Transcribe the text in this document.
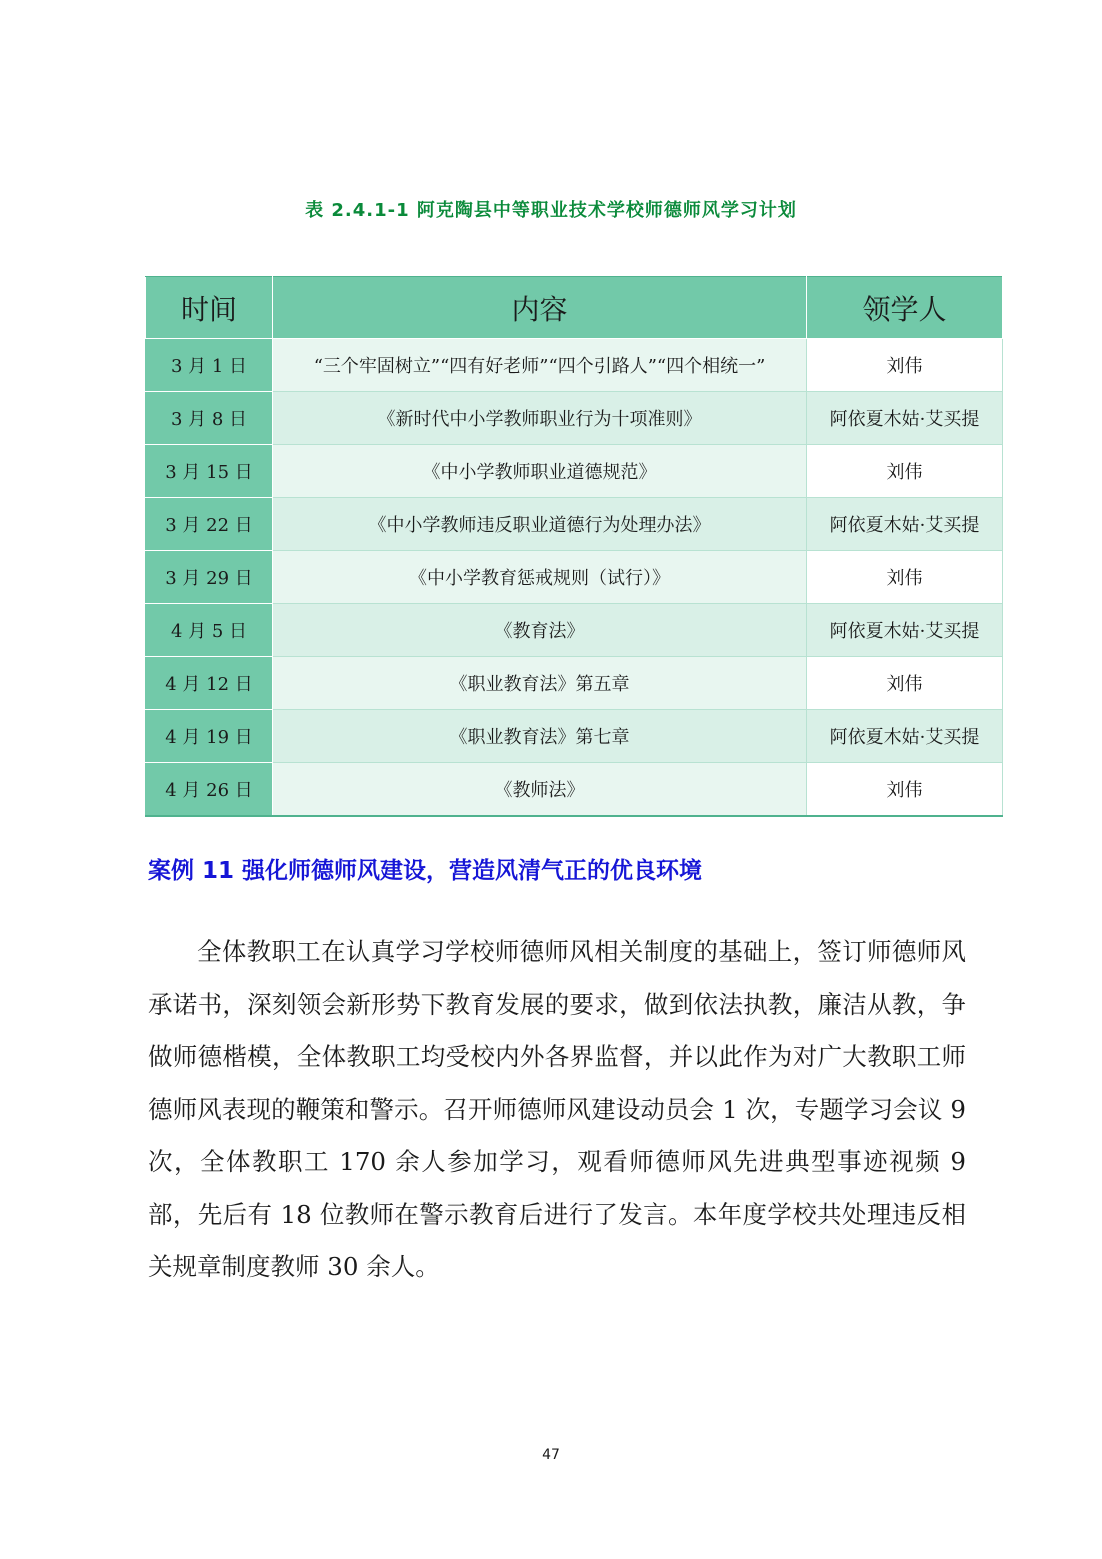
表 2.4.1-1 阿克陶县中等职业技术学校师德师风学习计划
时间	内容	领学人
3 月 1 日	“三个牢固树立”“四有好老师”“四个引路人”“四个相统一”	刘伟
3 月 8 日	《新时代中小学教师职业行为十项准则》	阿依夏木姑·艾买提
3 月 15 日	《中小学教师职业道德规范》	刘伟
3 月 22 日	《中小学教师违反职业道德行为处理办法》	阿依夏木姑·艾买提
3 月 29 日	《中小学教育惩戒规则（试行）》	刘伟
4 月 5 日	《教育法》	阿依夏木姑·艾买提
4 月 12 日	《职业教育法》第五章	刘伟
4 月 19 日	《职业教育法》第七章	阿依夏木姑·艾买提
4 月 26 日	《教师法》	刘伟
案例 11 强化师德师风建设，营造风清气正的优良环境

全体教职工在认真学习学校师德师风相关制度的基础上，签订师德师风承诺书，深刻领会新形势下教育发展的要求，做到依法执教，廉洁从教，争做师德楷模，全体教职工均受校内外各界监督，并以此作为对广大教职工师德师风表现的鞭策和警示。召开师德师风建设动员会 1 次，专题学习会议 9 次，全体教职工 170 余人参加学习，观看师德师风先进典型事迹视频 9 部，先后有 18 位教师在警示教育后进行了发言。本年度学校共处理违反相关规章制度教师 30 余人。

47
